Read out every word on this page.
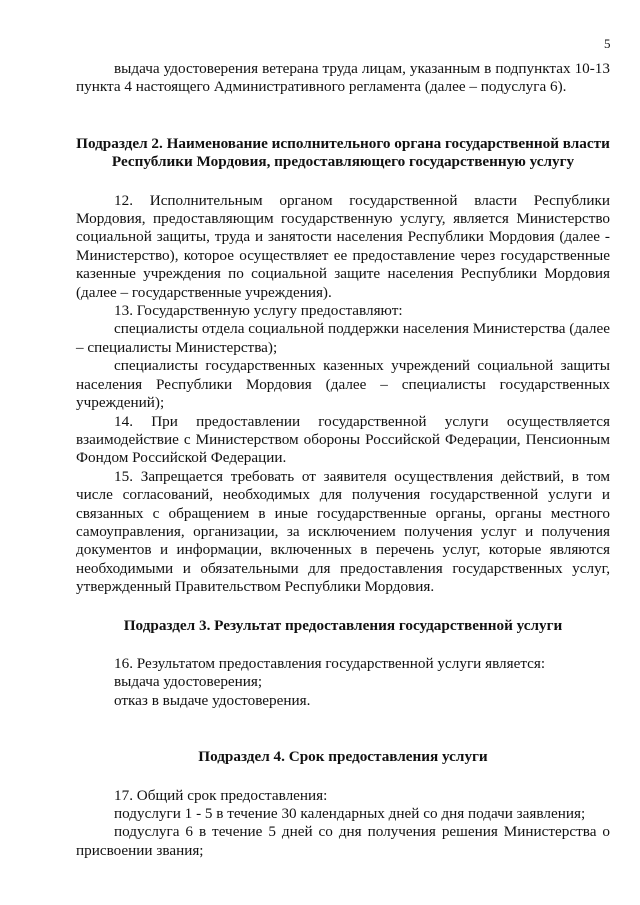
5

выдача удостоверения ветерана труда лицам, указанным в подпунктах 10-13 пункта 4 настоящего Административного регламента (далее – подуслуга 6).

Подраздел 2. Наименование исполнительного органа государственной власти Республики Мордовия, предоставляющего государственную услугу

12. Исполнительным органом государственной власти Республики Мордовия, предоставляющим государственную услугу, является Министерство социальной защиты, труда и занятости населения Республики Мордовия (далее - Министерство), которое осуществляет ее предоставление через государственные казенные учреждения по социальной защите населения Республики Мордовия (далее – государственные учреждения).

13. Государственную услугу предоставляют:

специалисты отдела социальной поддержки населения Министерства (далее – специалисты Министерства);

специалисты государственных казенных учреждений социальной защиты населения Республики Мордовия (далее – специалисты государственных учреждений);

14. При предоставлении государственной услуги осуществляется взаимодействие с Министерством обороны Российской Федерации, Пенсионным Фондом Российской Федерации.

15. Запрещается требовать от заявителя осуществления действий, в том числе согласований, необходимых для получения государственной услуги и связанных с обращением в иные государственные органы, органы местного самоуправления, организации, за исключением получения услуг и получения документов и информации, включенных в перечень услуг, которые являются необходимыми и обязательными для предоставления государственных услуг, утвержденный Правительством Республики Мордовия.

Подраздел 3. Результат предоставления государственной услуги

16. Результатом предоставления государственной услуги является:

выдача удостоверения;

отказ в выдаче удостоверения.

Подраздел 4. Срок предоставления услуги

17. Общий срок предоставления:

подуслуги 1 - 5 в течение 30 календарных дней со дня подачи заявления;

подуслуга 6 в течение 5 дней со дня получения решения Министерства о присвоении звания;
